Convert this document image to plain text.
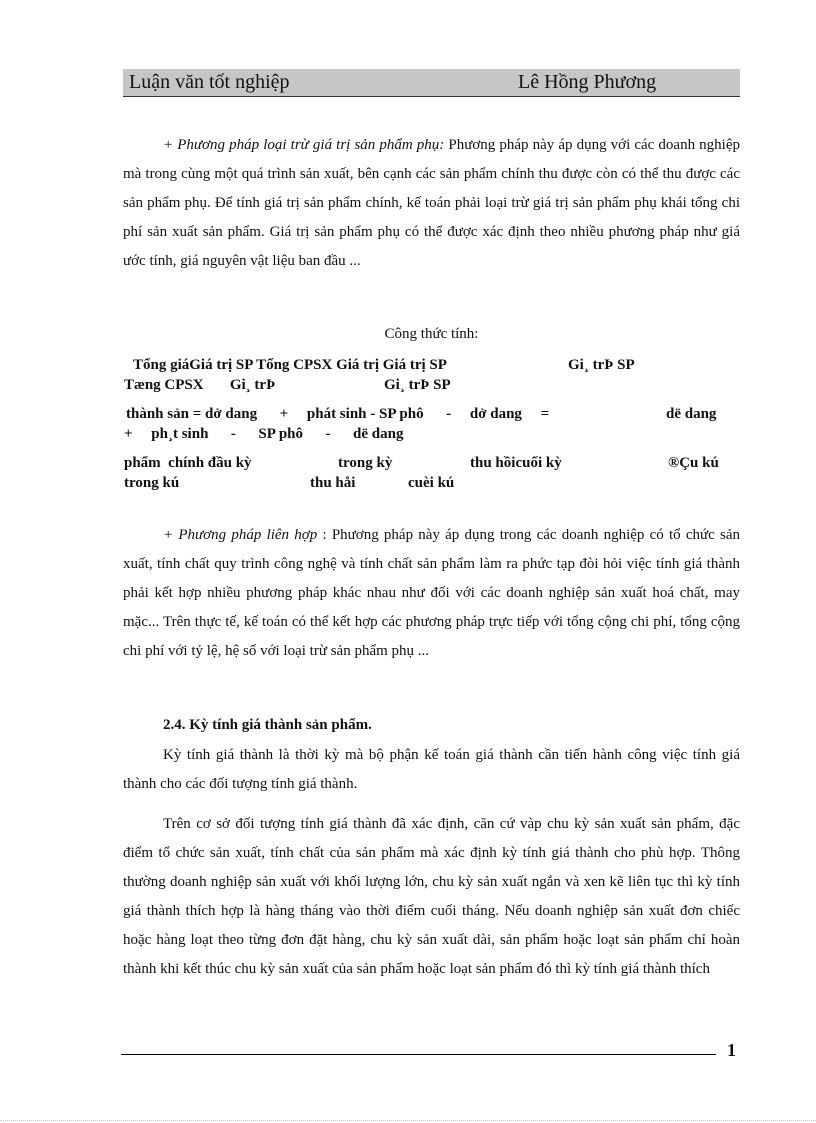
Luận văn tốt nghiệp	Lê Hồng Phương
+ Phương pháp loại trừ giá trị sản phẩm phụ: Phương pháp này áp dụng với các doanh nghiệp mà trong cùng một quá trình sản xuất, bên cạnh các sản phẩm chính thu được còn có thể thu được các sản phẩm phụ. Để tính giá trị sản phẩm chính, kế toán phải loại trừ giá trị sản phẩm phụ khái tổng chi phí sản xuất sản phẩm. Giá trị sản phẩm phụ có thể được xác định theo nhiều phương pháp như giá ước tính, giá nguyên vật liệu ban đầu ...
Công thức tính:
Tổng giáGiá trị SP Tổng CPSX Giá trị Giá trị SP	Gi¸ trÞ SP
Tæng CPSX       Gi¸ trÞ	Gi¸ trÞ SP
thành sản = dở dang      +     phát sinh - SP phô      -     dở dang     =	dë dang
+     ph¸t sinh      -      SP phô      -      dë dang
phẩm  chính đầu kỳ	trong kỳ	thu hồicuối kỳ	®Çu kú
trong kú	thu håi	cuèi kú
+ Phương pháp liên hợp : Phương pháp này áp dụng trong các doanh nghiệp có tổ chức sản xuất, tính chất quy trình công nghệ và tính chất sản phẩm làm ra phức tạp đòi hỏi việc tính giá thành phải kết hợp nhiều phương pháp khác nhau như đối với các doanh nghiệp sản xuất hoá chất, may mặc... Trên thực tế, kế toán có thể kết hợp các phương pháp trực tiếp với tổng cộng chi phí, tổng cộng chi phí với tỷ lệ, hệ số với loại trừ sản phẩm phụ ...
2.4. Kỳ tính giá thành sản phẩm.
Kỳ tính giá thành là thời kỳ mà bộ phận kế toán giá thành cần tiến hành công việc tính giá thành cho các đối tượng tính giá thành.
Trên cơ sở đối tượng tính giá thành đã xác định, căn cứ vàp chu kỳ sản xuất sản phẩm, đặc điểm tổ chức sản xuất, tính chất của sản phẩm mà xác định kỳ tính giá thành cho phù hợp. Thông thường doanh nghiệp sản xuất với khối lượng lớn, chu kỳ sản xuất ngắn và xen kẽ liên tục thì kỳ tính giá thành thích hợp là hàng tháng vào thời điểm cuối tháng. Nếu doanh nghiệp sản xuất đơn chiếc hoặc hàng loạt theo từng đơn đặt hàng, chu kỳ sản xuất dài, sản phẩm hoặc loạt sản phẩm chỉ hoàn thành khi kết thúc chu kỳ sản xuất của sản phẩm hoặc loạt sản phẩm đó thì kỳ tính giá thành thích
1
